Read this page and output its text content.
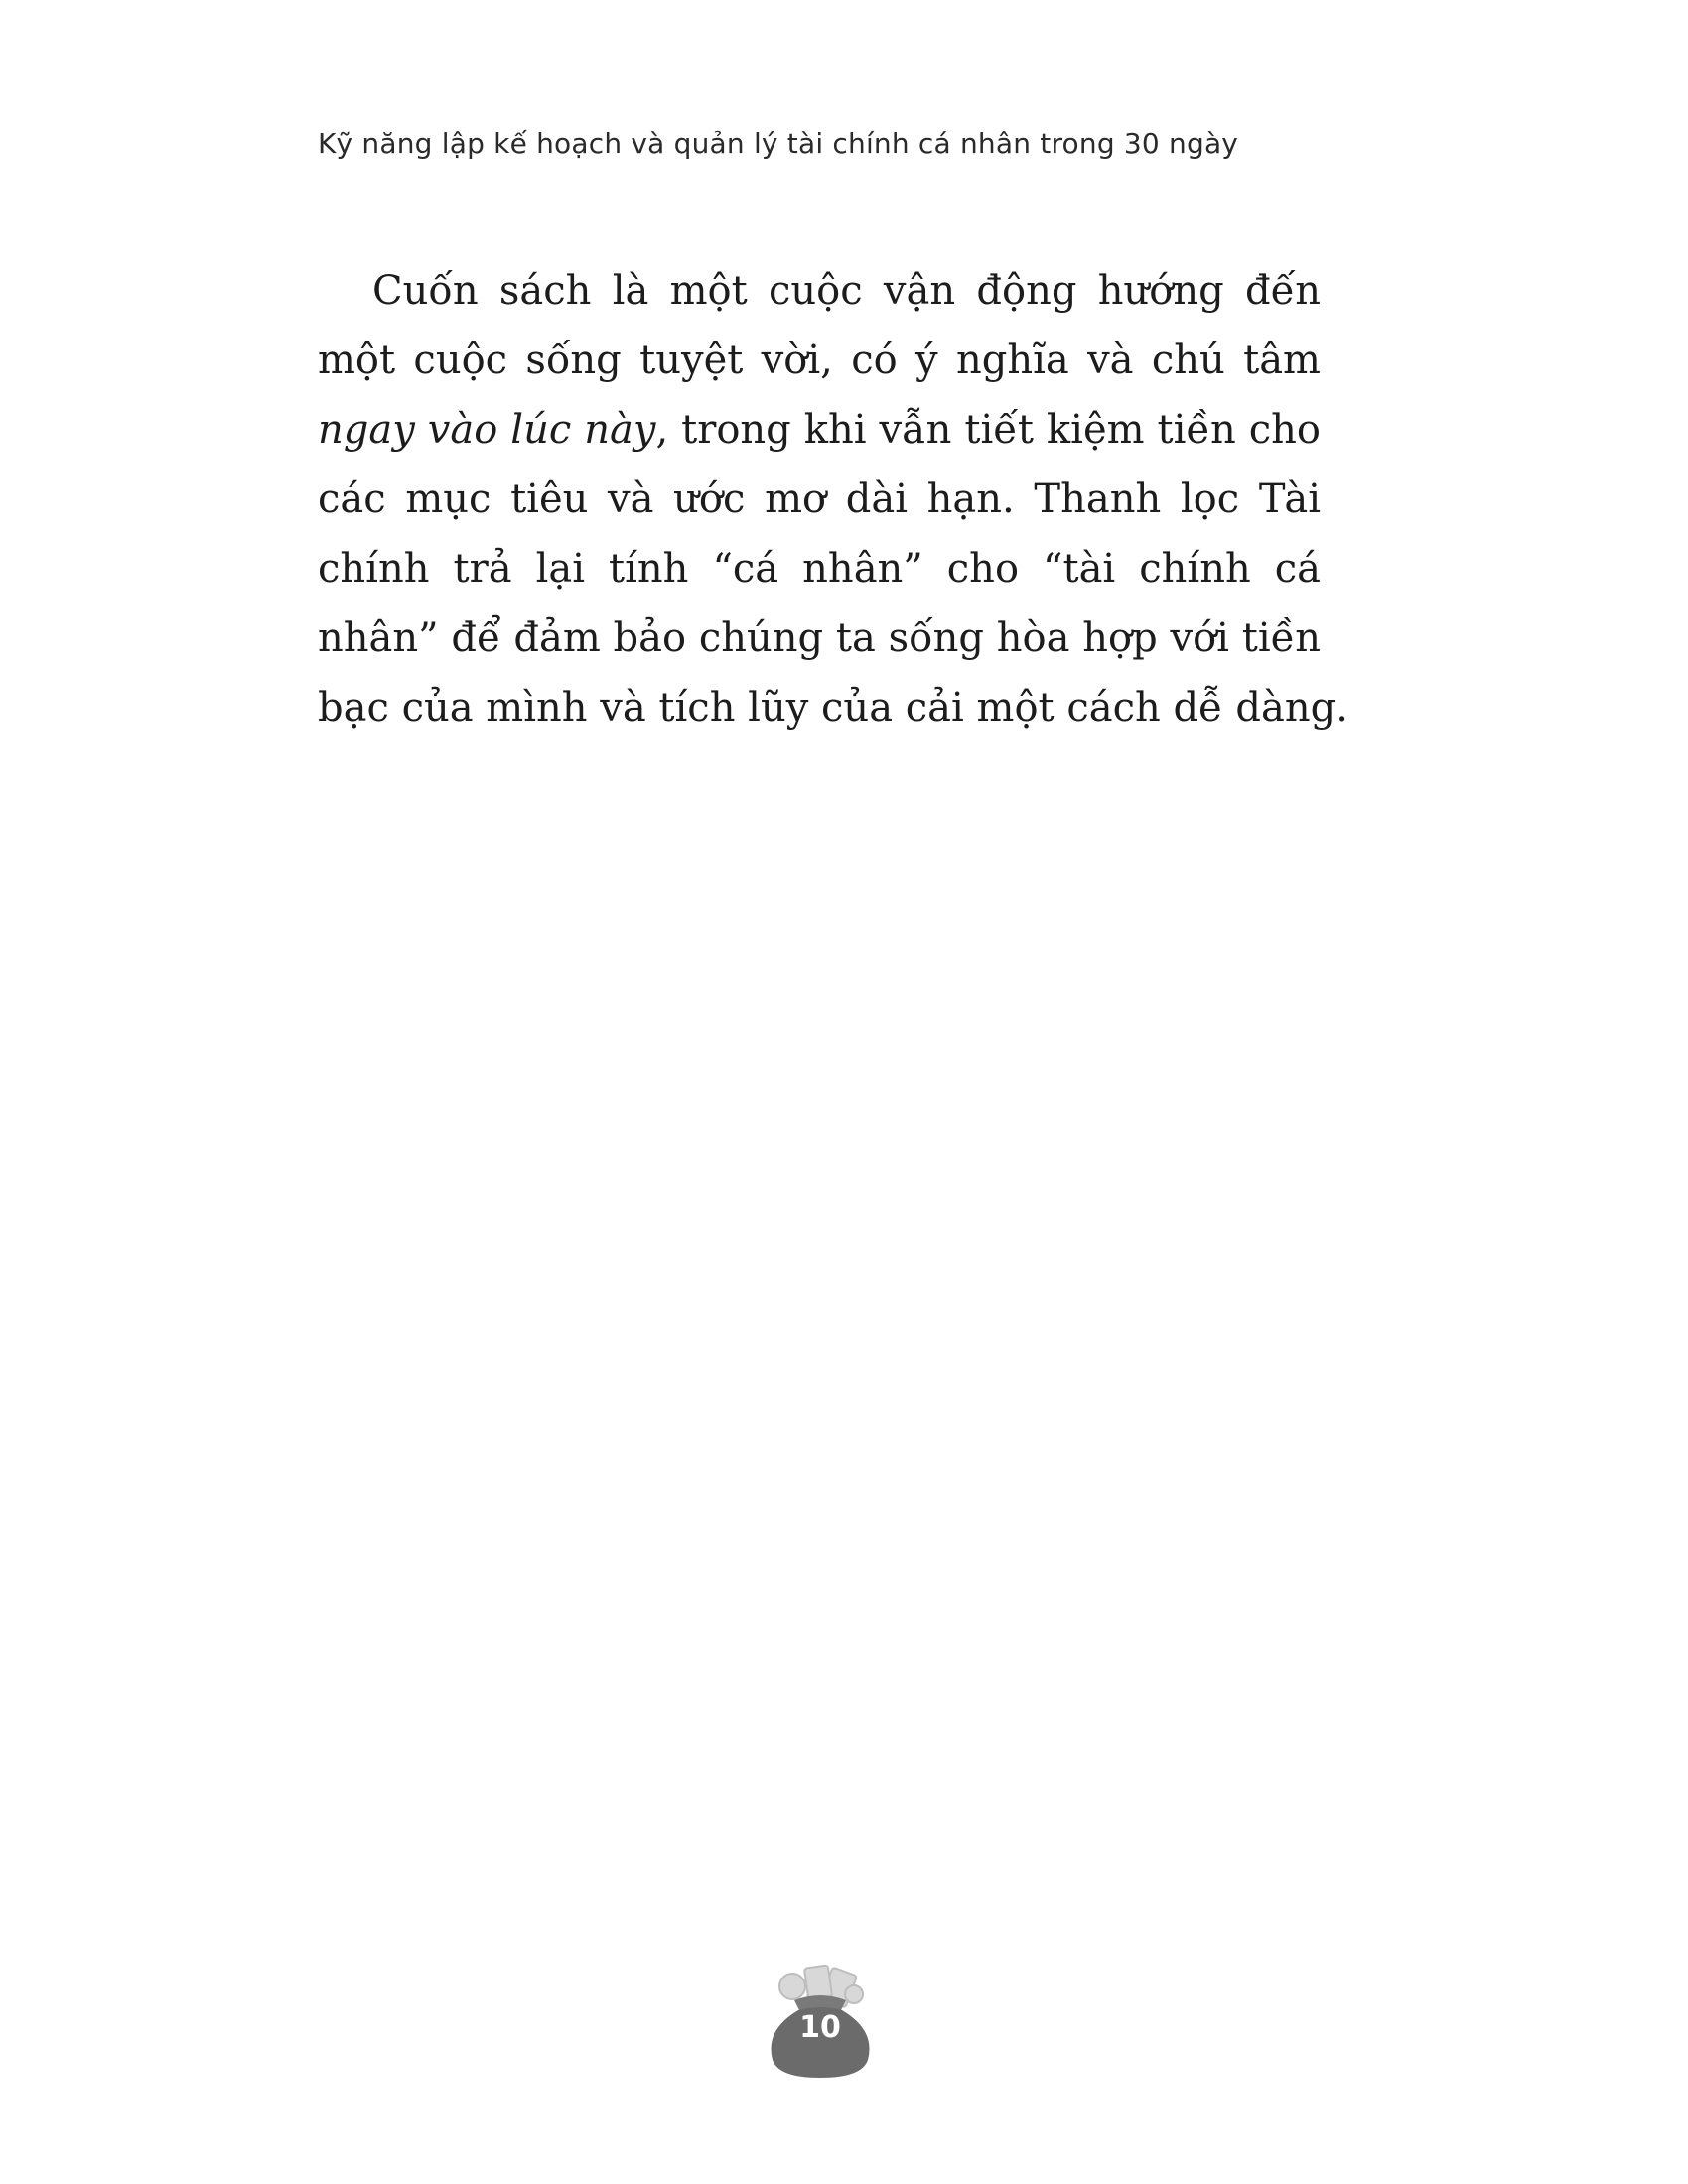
Kỹ năng lập kế hoạch và quản lý tài chính cá nhân trong 30 ngày
Cuốn sách là một cuộc vận động hướng đến
một cuộc sống tuyệt vời, có ý nghĩa và chú tâm
ngay vào lúc này, trong khi vẫn tiết kiệm tiền cho
các mục tiêu và ước mơ dài hạn. Thanh lọc Tài
chính trả lại tính “cá nhân” cho “tài chính cá
nhân” để đảm bảo chúng ta sống hòa hợp với tiền
bạc của mình và tích lũy của cải một cách dễ dàng.
10
